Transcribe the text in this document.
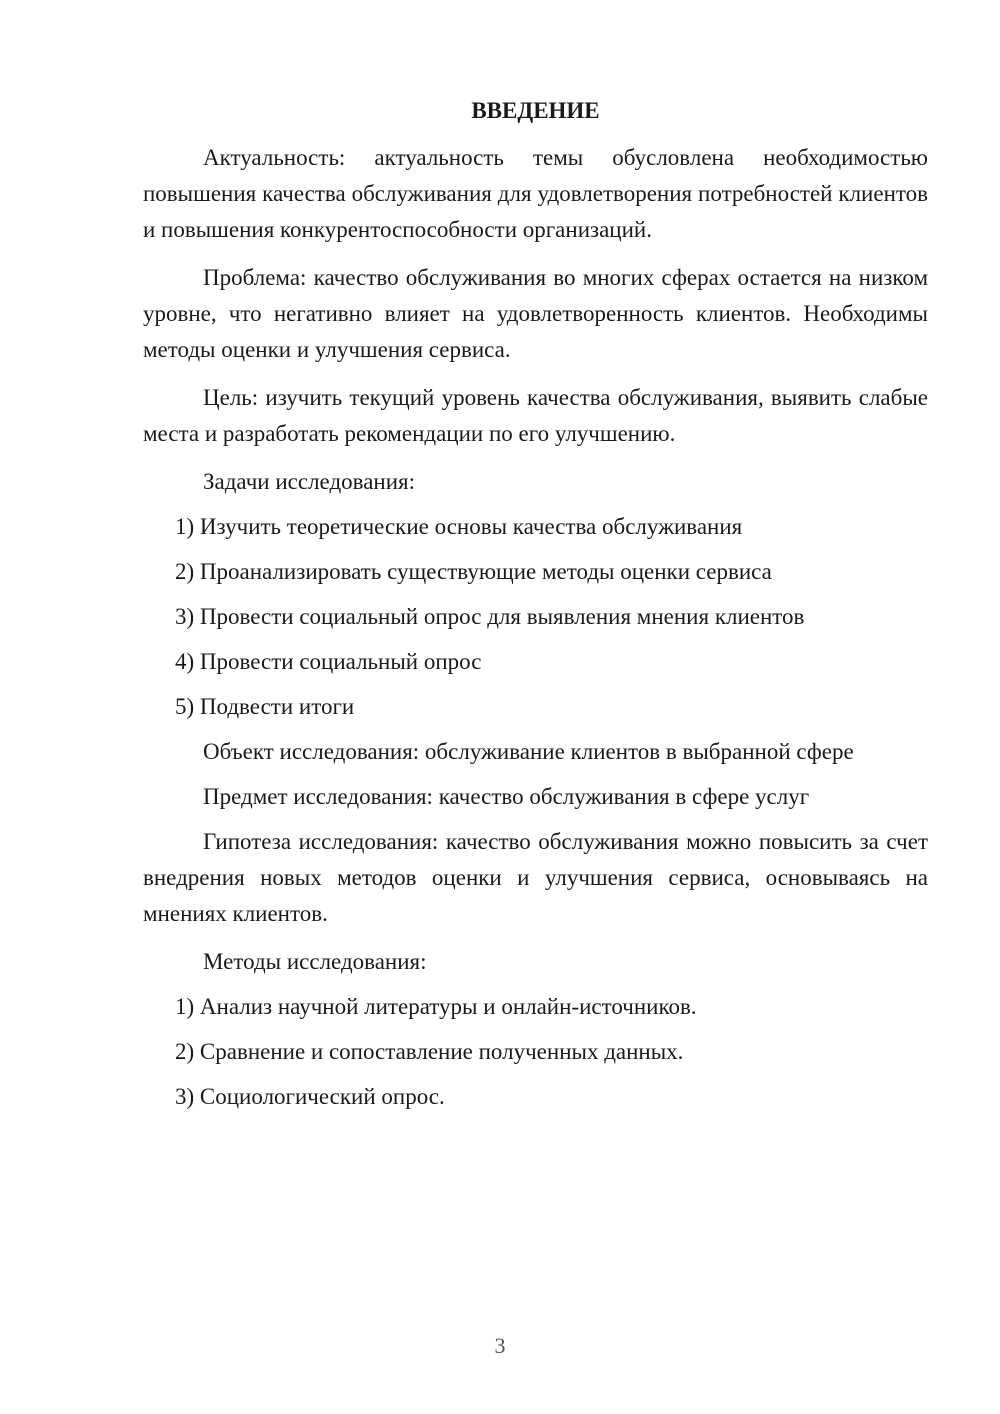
ВВЕДЕНИЕ

Актуальность: актуальность темы обусловлена необходимостью повышения качества обслуживания для удовлетворения потребностей клиентов и повышения конкурентоспособности организаций.

Проблема: качество обслуживания во многих сферах остается на низком уровне, что негативно влияет на удовлетворенность клиентов. Необходимы методы оценки и улучшения сервиса.

Цель: изучить текущий уровень качества обслуживания, выявить слабые места и разработать рекомендации по его улучшению.

Задачи исследования:
1) Изучить теоретические основы качества обслуживания
2) Проанализировать существующие методы оценки сервиса
3) Провести социальный опрос для выявления мнения клиентов
4) Провести социальный опрос
5) Подвести итоги
Объект исследования: обслуживание клиентов в выбранной сфере
Предмет исследования: качество обслуживания в сфере услуг

Гипотеза исследования: качество обслуживания можно повысить за счет внедрения новых методов оценки и улучшения сервиса, основываясь на мнениях клиентов.

Методы исследования:
1) Анализ научной литературы и онлайн-источников.
2) Сравнение и сопоставление полученных данных.
3) Социологический опрос.
3
